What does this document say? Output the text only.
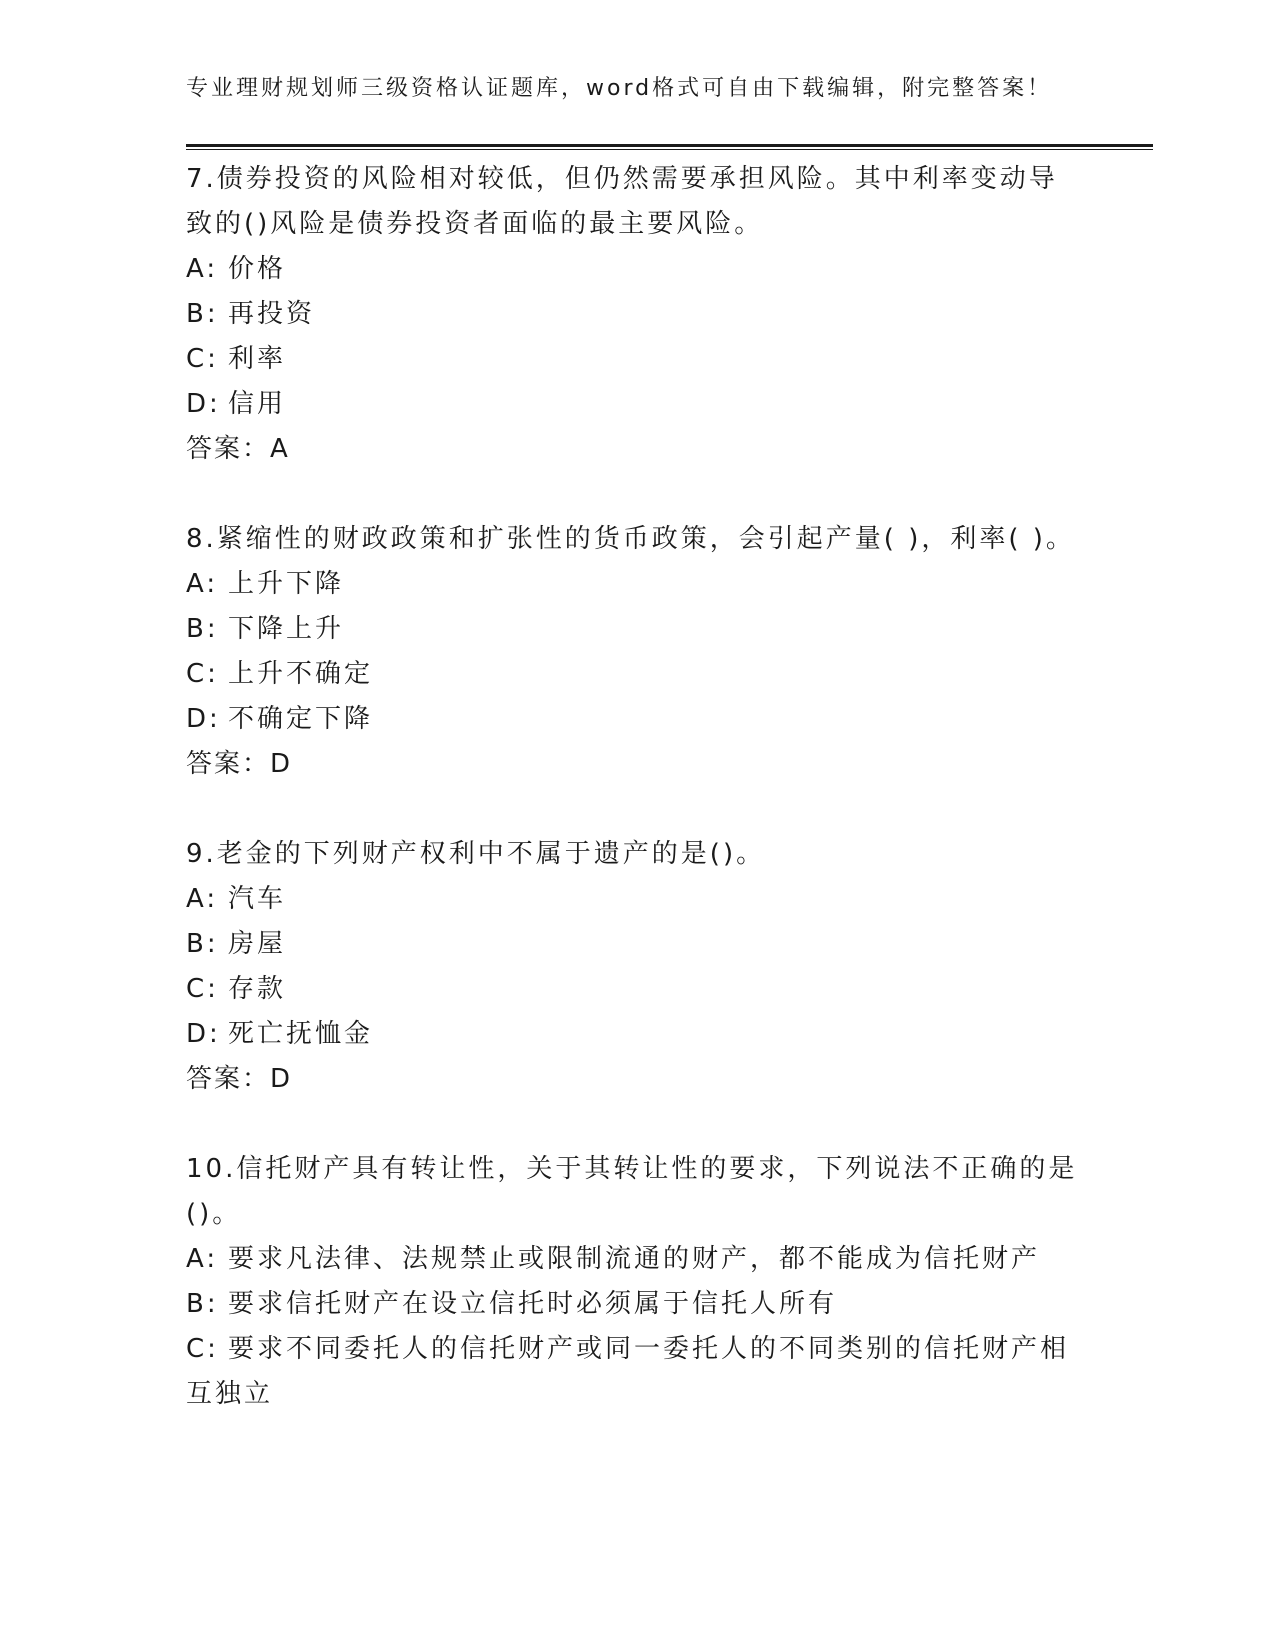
专业理财规划师三级资格认证题库，word格式可自由下载编辑，附完整答案！
7.债券投资的风险相对较低，但仍然需要承担风险。其中利率变动导致的()风险是债券投资者面临的最主要风险。
A: 价格
B: 再投资
C: 利率
D: 信用
答案：A
8.紧缩性的财政政策和扩张性的货币政策，会引起产量( )，利率( )。
A: 上升下降
B: 下降上升
C: 上升不确定
D: 不确定下降
答案：D
9.老金的下列财产权利中不属于遗产的是()。
A: 汽车
B: 房屋
C: 存款
D: 死亡抚恤金
答案：D
10.信托财产具有转让性，关于其转让性的要求，下列说法不正确的是()。
A: 要求凡法律、法规禁止或限制流通的财产，都不能成为信托财产
B: 要求信托财产在设立信托时必须属于信托人所有
C: 要求不同委托人的信托财产或同一委托人的不同类别的信托财产相互独立
